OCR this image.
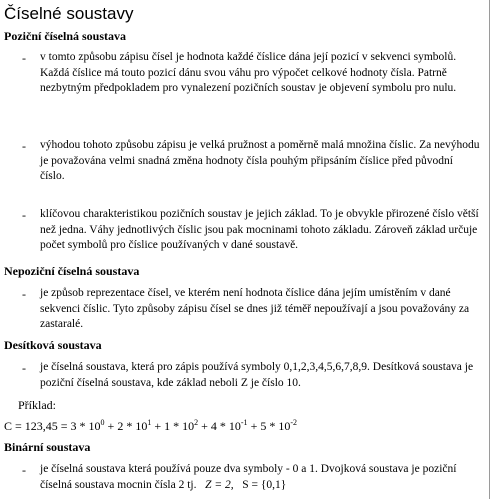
Číselné soustavy
Poziční číselná soustava
- v tomto způsobu zápisu čísel je hodnota každé číslice dána její pozicí v sekvenci symbolů. Každá číslice má touto pozicí dánu svou váhu pro výpočet celkové hodnoty čísla. Patrně nezbytným předpokladem pro vynalezení pozičních soustav je objevení symbolu pro nulu.
- výhodou tohoto způsobu zápisu je velká pružnost a poměrně malá množina číslic. Za nevýhodu je považována velmi snadná změna hodnoty čísla pouhým připsáním číslice před původní číslo.
- klíčovou charakteristikou pozičních soustav je jejich základ. To je obvykle přirozené číslo větší než jedna. Váhy jednotlivých číslic jsou pak mocninami tohoto základu. Zároveň základ určuje počet symbolů pro číslice používaných v dané soustavě.
Nepoziční číselná soustava
- je způsob reprezentace čísel, ve kterém není hodnota číslice dána jejím umístěním v dané sekvenci číslic. Tyto způsoby zápisu čísel se dnes již téměř nepoužívají a jsou považovány za zastaralé.
Desítková soustava
- je číselná soustava, která pro zápis používá symboly 0,1,2,3,4,5,6,7,8,9. Desítková soustava je poziční číselná soustava, kde základ neboli Z je číslo 10.
Příklad:
$C = 123,45 = 3 * 10^0 + 2 * 10^1 + 1 * 10^2 + 4 * 10^{-1} + 5 * 10^{-2}$
Binární soustava
- je číselná soustava která používá pouze dva symboly - 0 a 1. Dvojková soustava je poziční číselná soustava mocnin čísla 2 tj. Z = 2, S = {0,1}
